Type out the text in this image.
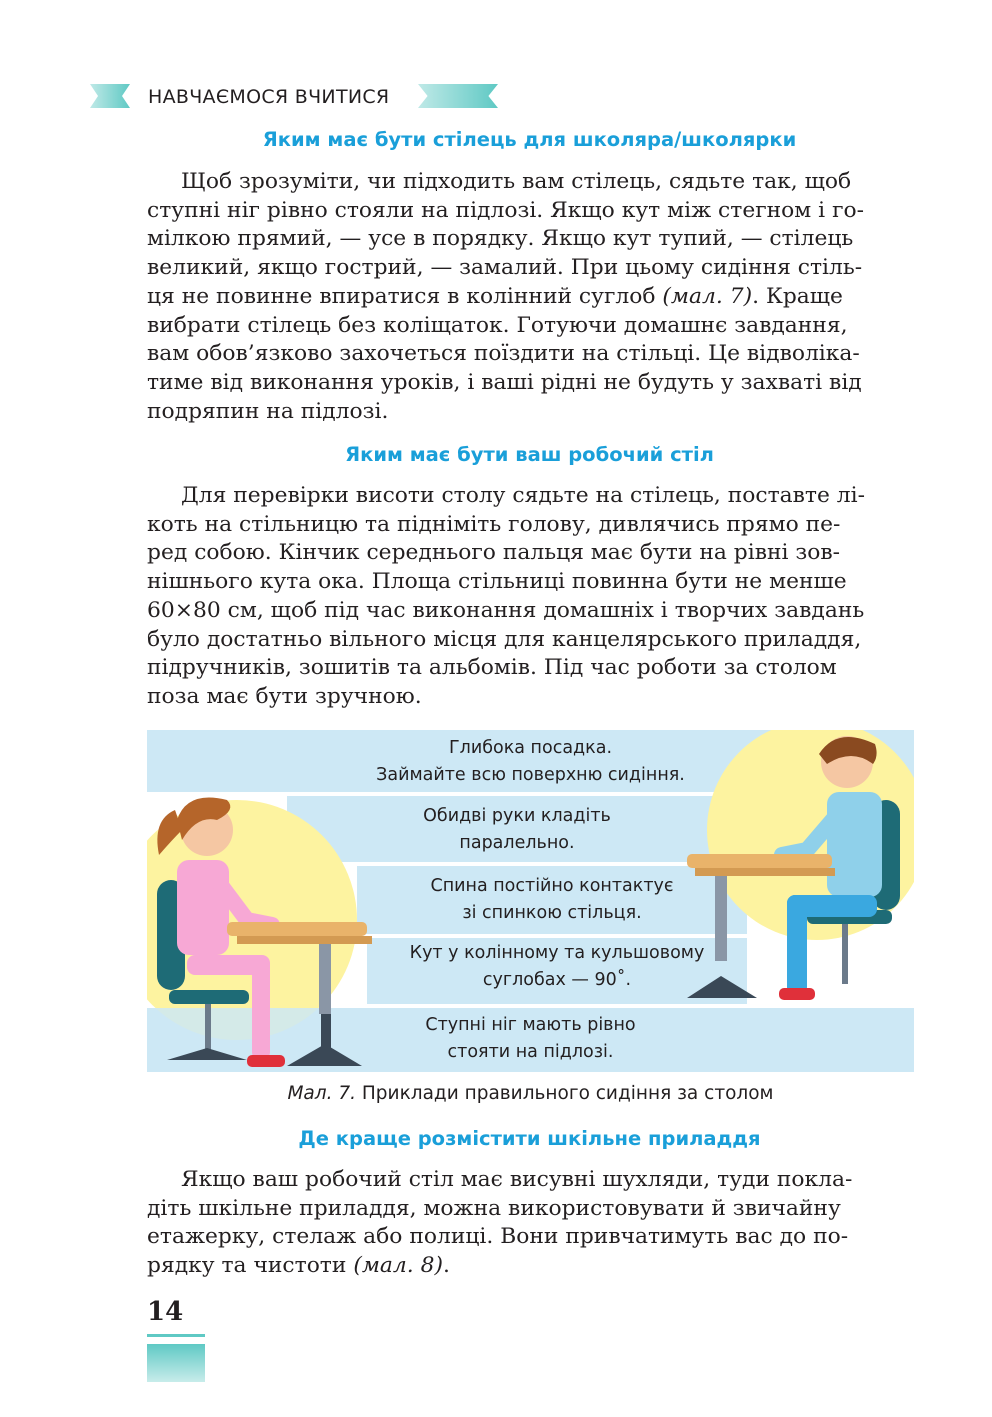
НАВЧАЄМОСЯ ВЧИТИСЯ
Яким має бути стілець для школяра/школярки
Щоб зрозуміти, чи підходить вам стілець, сядьте так, щоб
ступні ніг рівно стояли на підлозі. Якщо кут між стегном і го-
мілкою прямий, — усе в порядку. Якщо кут тупий, — стілець
великий, якщо гострий, — замалий. При цьому сидіння стіль-
ця не повинне впиратися в колінний суглоб (мал. 7). Краще
вибрати стілець без коліщаток. Готуючи домашнє завдання,
вам обов’язково захочеться поїздити на стільці. Це відволіка-
тиме від виконання уроків, і ваші рідні не будуть у захваті від
подряпин на підлозі.
Яким має бути ваш робочий стіл
Для перевірки висоти столу сядьте на стілець, поставте лі-
коть на стільницю та підніміть голову, дивлячись прямо пе-
ред собою. Кінчик середнього пальця має бути на рівні зов-
нішнього кута ока. Площа стільниці повинна бути не менше
60×80 см, щоб під час виконання домашніх і творчих завдань
було достатньо вільного місця для канцелярського приладдя,
підручників, зошитів та альбомів. Під час роботи за столом
поза має бути зручною.
Глибока посадка.
Займайте всю поверхню сидіння.
Обидві руки кладіть
паралельно.
Спина постійно контактує
зі спинкою стільця.
Кут у колінному та кульшовому
суглобах — 90˚.
Ступні ніг мають рівно
стояти на підлозі.
Мал. 7. Приклади правильного сидіння за столом
Де краще розмістити шкільне приладдя
Якщо ваш робочий стіл має висувні шухляди, туди поклa-
діть шкільне приладдя, можна використовувати й звичайну
етажерку, стелаж або полиці. Вони привчатимуть вас до по-
рядку та чистоти (мал. 8).
14
